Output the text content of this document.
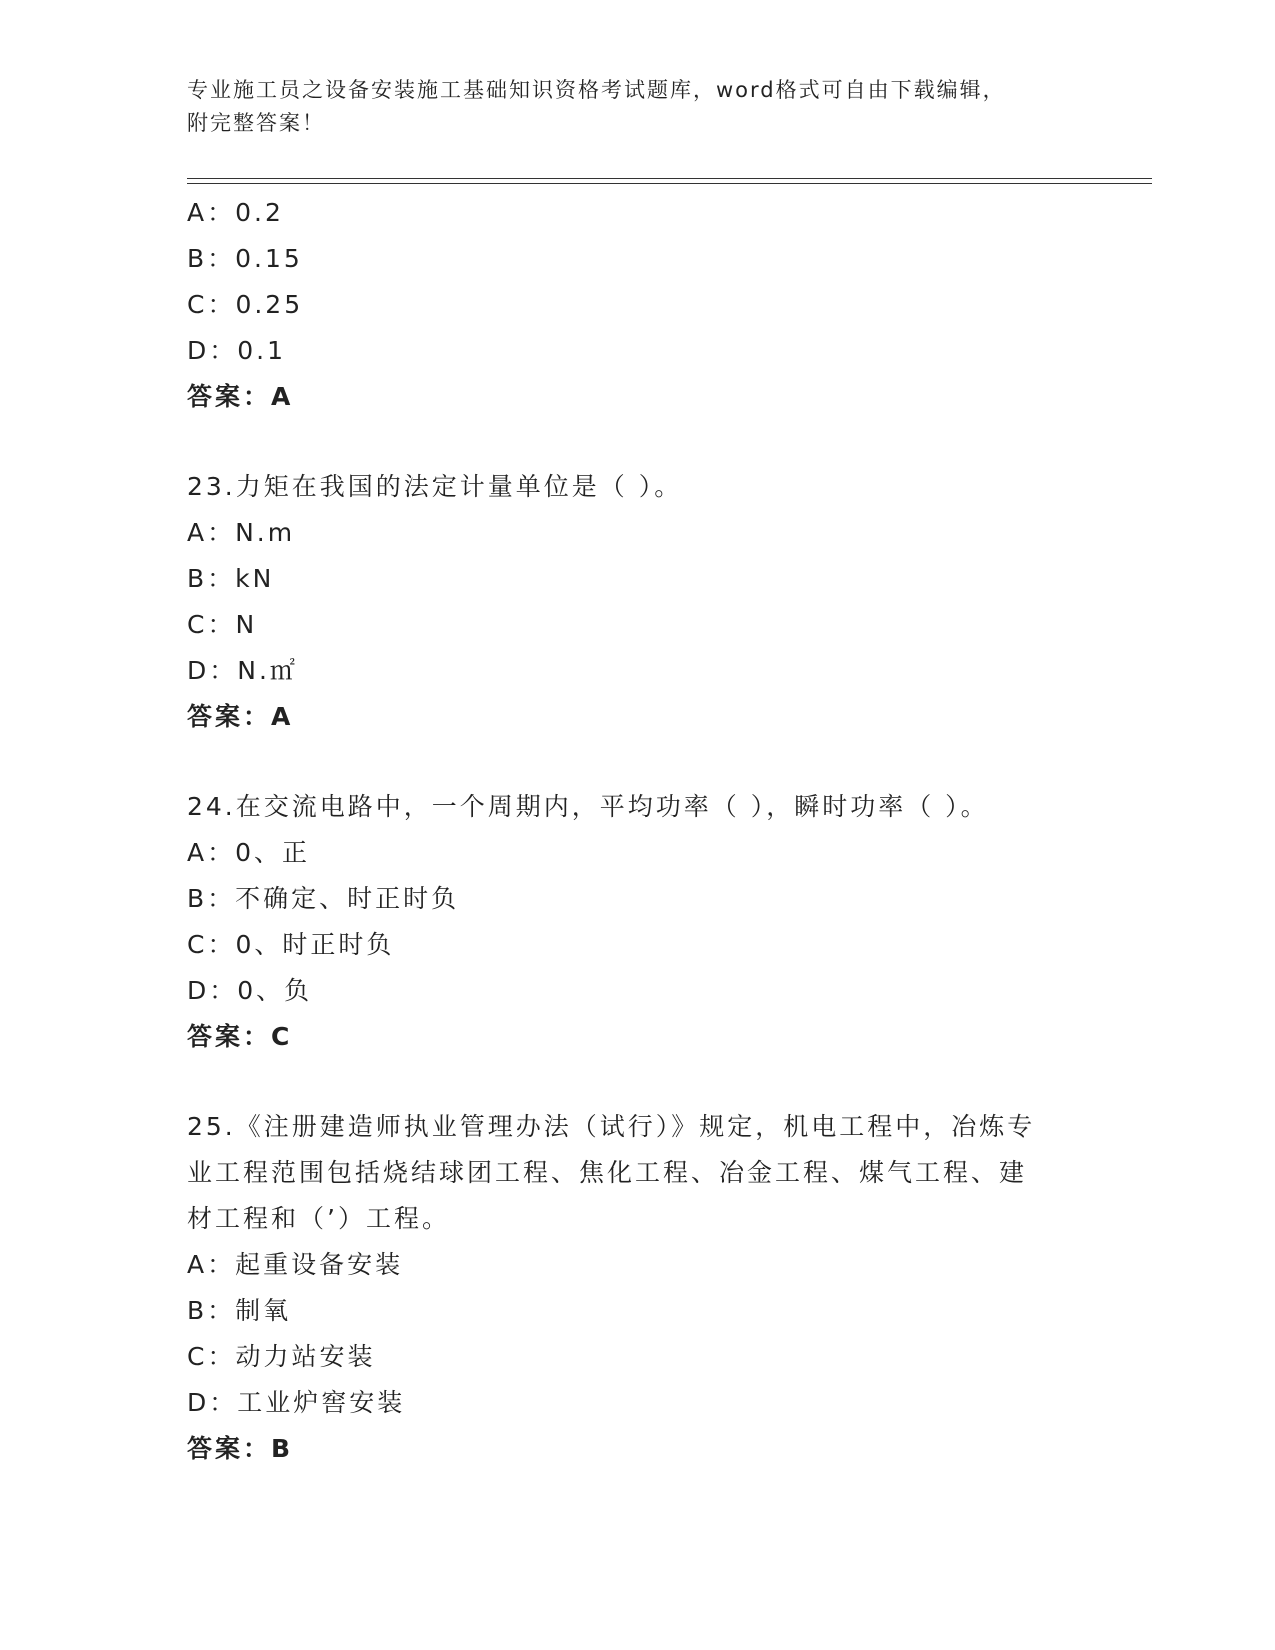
专业施工员之设备安装施工基础知识资格考试题库，word格式可自由下载编辑，
附完整答案！
A：0.2
B：0.15
C：0.25
D：0.1
答案：A
23.力矩在我国的法定计量单位是（ ）。
A：N.m
B：kN
C：N
D：N.㎡
答案：A
24.在交流电路中，一个周期内，平均功率（ ），瞬时功率（ ）。
A：0、正
B：不确定、时正时负
C：0、时正时负
D：0、负
答案：C
25.《注册建造师执业管理办法（试行）》规定，机电工程中，冶炼专
业工程范围包括烧结球团工程、焦化工程、冶金工程、煤气工程、建
材工程和（’）工程。
A：起重设备安装
B：制氧
C：动力站安装
D：工业炉窖安装
答案：B
